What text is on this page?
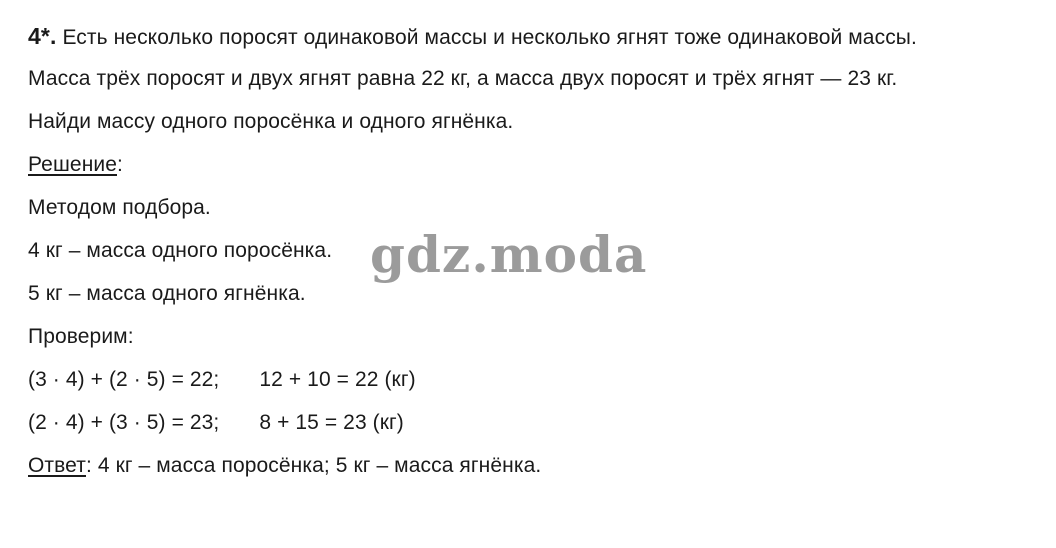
4*. Есть несколько поросят одинаковой массы и несколько ягнят тоже одинаковой массы.
Масса трёх поросят и двух ягнят равна 22 кг, а масса двух поросят и трёх ягнят — 23 кг.
Найди массу одного поросёнка и одного ягнёнка.
Решение:
Методом подбора.
4 кг – масса одного поросёнка.
5 кг – масса одного ягнёнка.
Проверим:
(3 · 4) + (2 · 5) = 22; 12 + 10 = 22 (кг)
(2 · 4) + (3 · 5) = 23; 8 + 15 = 23 (кг)
Ответ: 4 кг – масса поросёнка; 5 кг – масса ягнёнка.
gdz.moda
